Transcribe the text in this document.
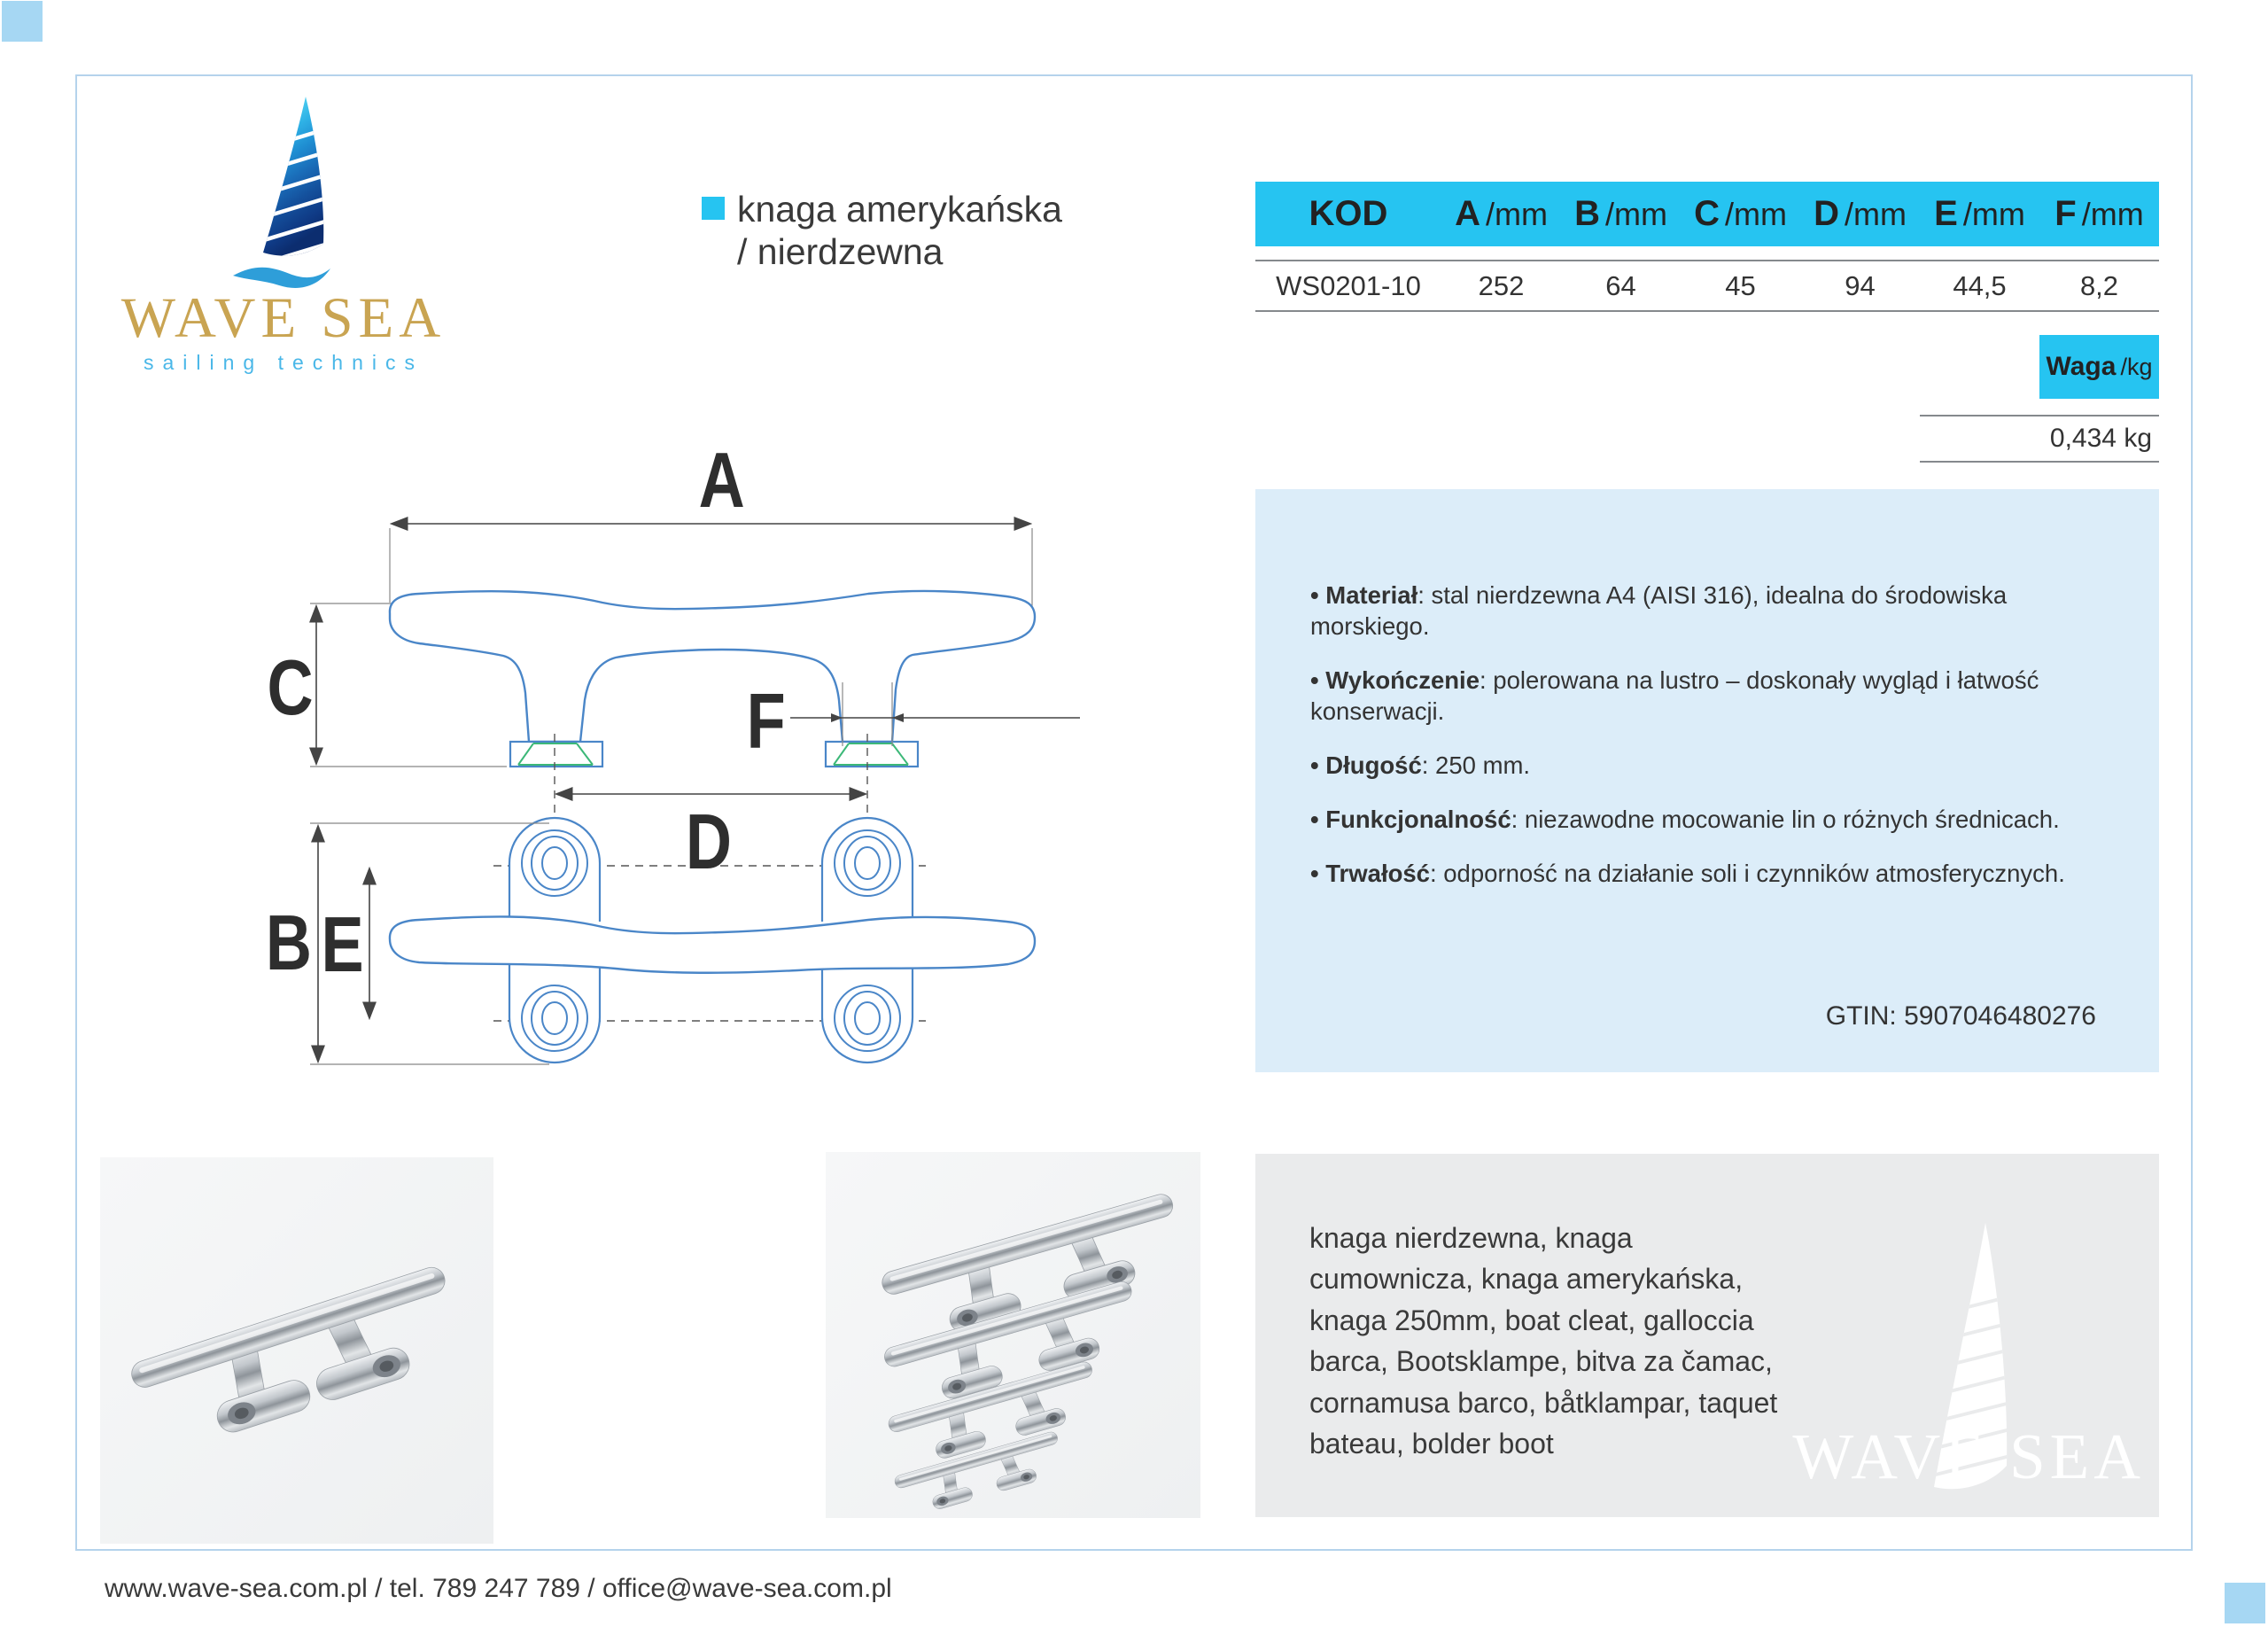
WAVE SEA
sailing technics
knaga amerykańska
/ nierdzewna
KOD A /mm B /mm C /mm D /mm E /mm F /mm
WS0201-10	252	64	45	94	44,5	8,2
Waga /kg
0,434 kg
• Materiał: stal nierdzewna A4 (AISI 316), idealna do środowiska morskiego.
• Wykończenie: polerowana na lustro – doskonały wygląd i łatwość konserwacji.
• Długość: 250 mm.
• Funkcjonalność: niezawodne mocowanie lin o różnych średnicach.
• Trwałość: odporność na działanie soli i czynników atmosferycznych.
GTIN: 5907046480276
A
C	F
D
B E
knaga nierdzewna, knaga cumownicza, knaga amerykańska, knaga 250mm, boat cleat, galloccia barca, Bootsklampe, bitva za čamac, cornamusa barco, båtklampar, taquet bateau, bolder boot	WAVE SEA
www.wave-sea.com.pl / tel. 789 247 789 / office@wave-sea.com.pl
